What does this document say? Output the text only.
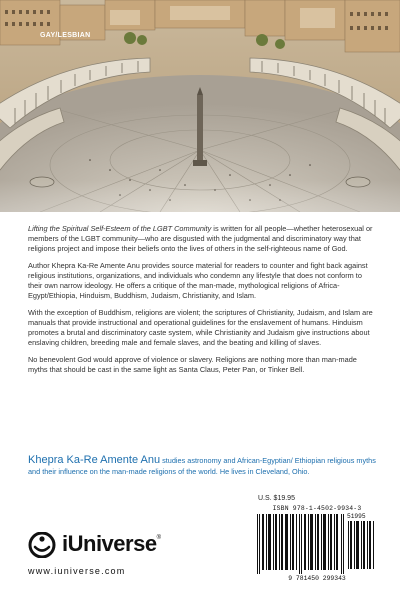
GAY/LESBIAN

Lifting the Spiritual Self-Esteem of the LGBT Community is written for all people—whether heterosexual or members of the LGBT community—who are disgusted with the judgmental and discriminatory way that religions project and impose their beliefs onto the lives of others in the self-righteous name of God.

Author Khepra Ka-Re Amente Anu provides source material for readers to counter and fight back against religious institutions, organizations, and individuals who condemn any lifestyle that does not conform to their own narrow ideology. He offers a critique of the man-made, mythological religions of Africa-Egypt/Ethiopia, Hinduism, Buddhism, Judaism, Christianity, and Islam.

With the exception of Buddhism, religions are violent; the scriptures of Christianity, Judaism, and Islam are manuals that provide instructional and operational guidelines for the enslavement of humans. Hinduism promotes a brutal and discriminatory caste system, while Christianity and Judaism give instructions about enslaving children, breeding male and female slaves, and the beating and killing of slaves.

No benevolent God would approve of violence or slavery. Religions are nothing more than man-made myths that should be cast in the same light as Santa Claus, Peter Pan, or Tinker Bell.

Khepra Ka-Re Amente Anu studies astronomy and African-Egyptian/ Ethiopian religious myths and their influence on the man-made religions of the world. He lives in Cleveland, Ohio.
U.S. $19.95
ISBN 978-1-4502-9934-3
51995
9 781450 299343
iUniverse®
www.iuniverse.com
